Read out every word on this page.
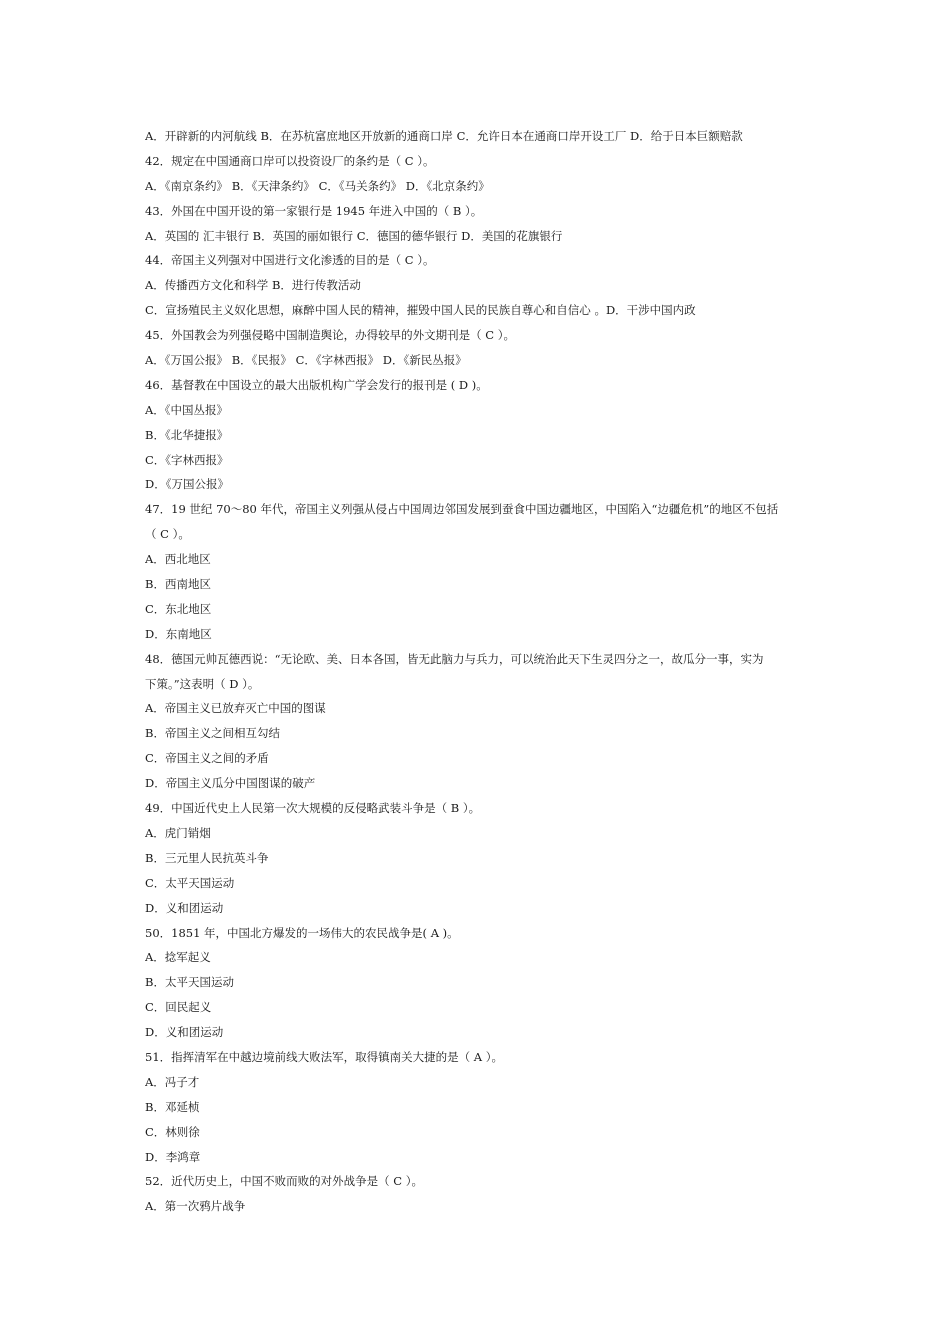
A．开辟新的内河航线 B．在苏杭富庶地区开放新的通商口岸 C．允许日本在通商口岸开设工厂 D．给于日本巨额赔款
42．规定在中国通商口岸可以投资设厂的条约是（ C ）。
A．《南京条约》 B．《天津条约》 C．《马关条约》 D．《北京条约》
43．外国在中国开设的第一家银行是 1945 年进入中国的（ B ）。
A．英国的 汇丰银行 B．英国的丽如银行 C．德国的德华银行 D．美国的花旗银行
44．帝国主义列强对中国进行文化渗透的目的是（ C ）。
A．传播西方文化和科学 B．进行传教活动
C．宣扬殖民主义奴化思想，麻醉中国人民的精神，摧毁中国人民的民族自尊心和自信心 。D．干涉中国内政
45．外国教会为列强侵略中国制造舆论，办得较早的外文期刊是（ C ）。
A．《万国公报》 B．《民报》 C．《字林西报》 D．《新民丛报》
46．基督教在中国设立的最大出版机构广学会发行的报刊是 ( D )。
A．《中国丛报》
B．《北华捷报》
C．《字林西报》
D．《万国公报》
47．19 世纪 70～80 年代，帝国主义列强从侵占中国周边邻国发展到蚕食中国边疆地区，中国陷入“边疆危机”的地区不包括
（ C ）。
A．西北地区
B．西南地区
C．东北地区
D．东南地区
48．德国元帅瓦德西说：“无论欧、美、日本各国，皆无此脑力与兵力，可以统治此天下生灵四分之一，故瓜分一事，实为
下策。”这表明（ D ）。
A．帝国主义已放弃灭亡中国的图谋
B．帝国主义之间相互勾结
C．帝国主义之间的矛盾
D．帝国主义瓜分中国图谋的破产
49．中国近代史上人民第一次大规模的反侵略武装斗争是（ B ）。
A．虎门销烟
B．三元里人民抗英斗争
C．太平天国运动
D．义和团运动
50．1851 年，中国北方爆发的一场伟大的农民战争是( A )。
A．捻军起义
B．太平天国运动
C．回民起义
D．义和团运动
51．指挥清军在中越边境前线大败法军，取得镇南关大捷的是（ A ）。
A．冯子才
B．邓延桢
C．林则徐
D．李鸿章
52．近代历史上，中国不败而败的对外战争是（ C ）。
A．第一次鸦片战争
